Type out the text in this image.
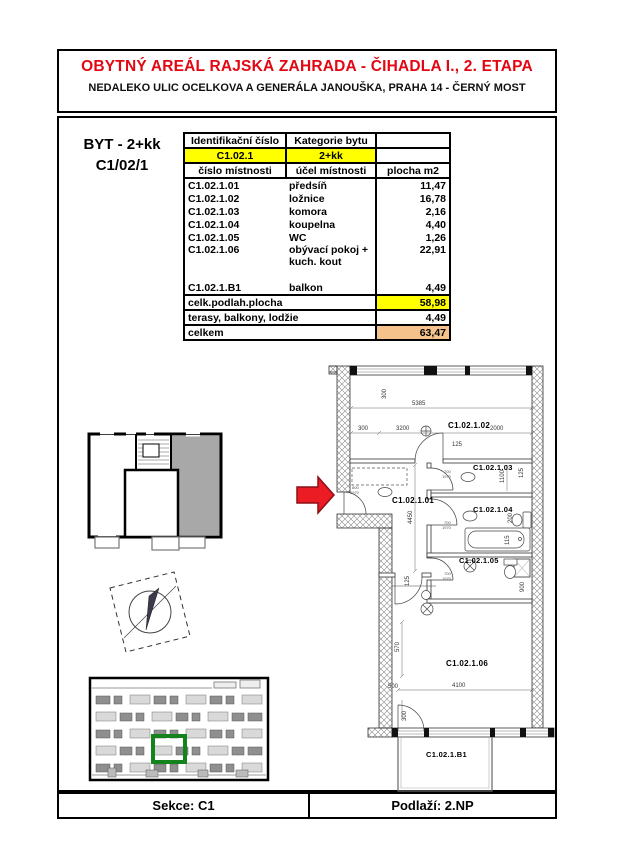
OBYTNÝ AREÁL RAJSKÁ ZAHRADA - ČIHADLA I., 2. ETAPA
NEDALEKO ULIC OCELKOVA A GENERÁLA JANOUŠKA, PRAHA 14 - ČERNÝ MOST
BYT - 2+kk
C1/02/1
Identifikační číslo	Kategorie bytu	
C1.02.1	2+kk	
číslo místnosti	účel místnosti	plocha m2
C1.02.1.01	předsíň	11,47
C1.02.1.02	ložnice	16,78
C1.02.1.03	komora	2,16
C1.02.1.04	koupelna	4,40
C1.02.1.05	WC	1,26
C1.02.1.06	obývací pokoj + kuch. kout	22,91

C1.02.1.B1	balkon	4,49
celk.podlah.plocha		58,98
terasy, balkony, lodžie		4,49
celkem		63,47
Sekce: C1	Podlaží: 2.NP
C1.02.1.02
C1.02.1.01
C1.02.1.03
C1.02.1.04
C1.02.1.05
C1.02.1.06
C1.02.1.B1
5385
300
300	3200	2000
125
4450
1100 125
200
115
900
570
125
500	4100
300
800
1970
700
1970
700
1970
700
1970
